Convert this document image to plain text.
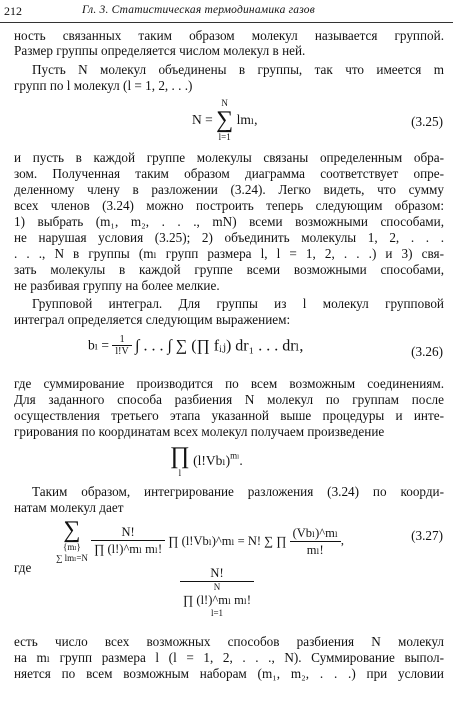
212	Гл. 3. Статистическая термодинамика газов
ность связанных таким образом молекул называется группой.
Размер группы определяется числом молекул в ней.
Пусть N молекул объединены в группы, так что имеется m
групп по l молекул (l = 1, 2, . . .)
N =
N
∑
l=1
lmₗ,	(3.25)
и пусть в каждой группе молекулы связаны определенным обра-
зом. Полученная таким образом диаграмма соответствует опре-
деленному члену в разложении (3.24). Легко видеть, что сумму
всех членов (3.24) можно построить теперь следующим образом:
1) выбрать (m₁, m₂, . . ., mN) всеми возможными способами,
не нарушая условия (3.25); 2) объединить молекулы 1, 2, . . .
. . ., N в группы (mₗ групп размера l, l = 1, 2, . . .) и 3) свя-
зать молекулы в каждой группе всеми возможными способами,
не разбивая группу на более мелкие.
Групповой интеграл. Для группы из l молекул групповой
интеграл определяется следующим выражением:
$b_l = \frac{1}{l!V}$ ∫ . . . ∫ ∑ (∏ fᵢⱼ) dr₁ . . . drₗ,	(3.26)
где суммирование производится по всем возможным соединениям.
Для заданного способа разбиения N молекул по группам после
осуществления третьего этапа указанной выше процедуры и инте-
грирования по координатам всех молекул получаем произведение
∏
l
$(l!Vb_l)^{m_l}$.
Таким образом, интегрирование разложения (3.24) по коорди-
натам молекул дает
∑
{mₗ}
∑ lmₗ=N

$\frac{N!}{\text{∏ (l!)\textasciicircum{}mₗ mₗ!}}$ ∏ (l!Vbₗ)^mₗ = N! ∑ ∏ $\frac{\text{(Vbₗ)\textasciicircum{}mₗ}}{\text{mₗ!}}$ ,	(3.27)
где	N!
N
∏ (l!)^mₗ mₗ!
l=1
есть число всех возможных способов разбиения N молекул
на mₗ групп размера l (l = 1, 2, . . ., N). Суммирование выпол-
няется по всем возможным наборам (m₁, m₂, . . .) при условии
